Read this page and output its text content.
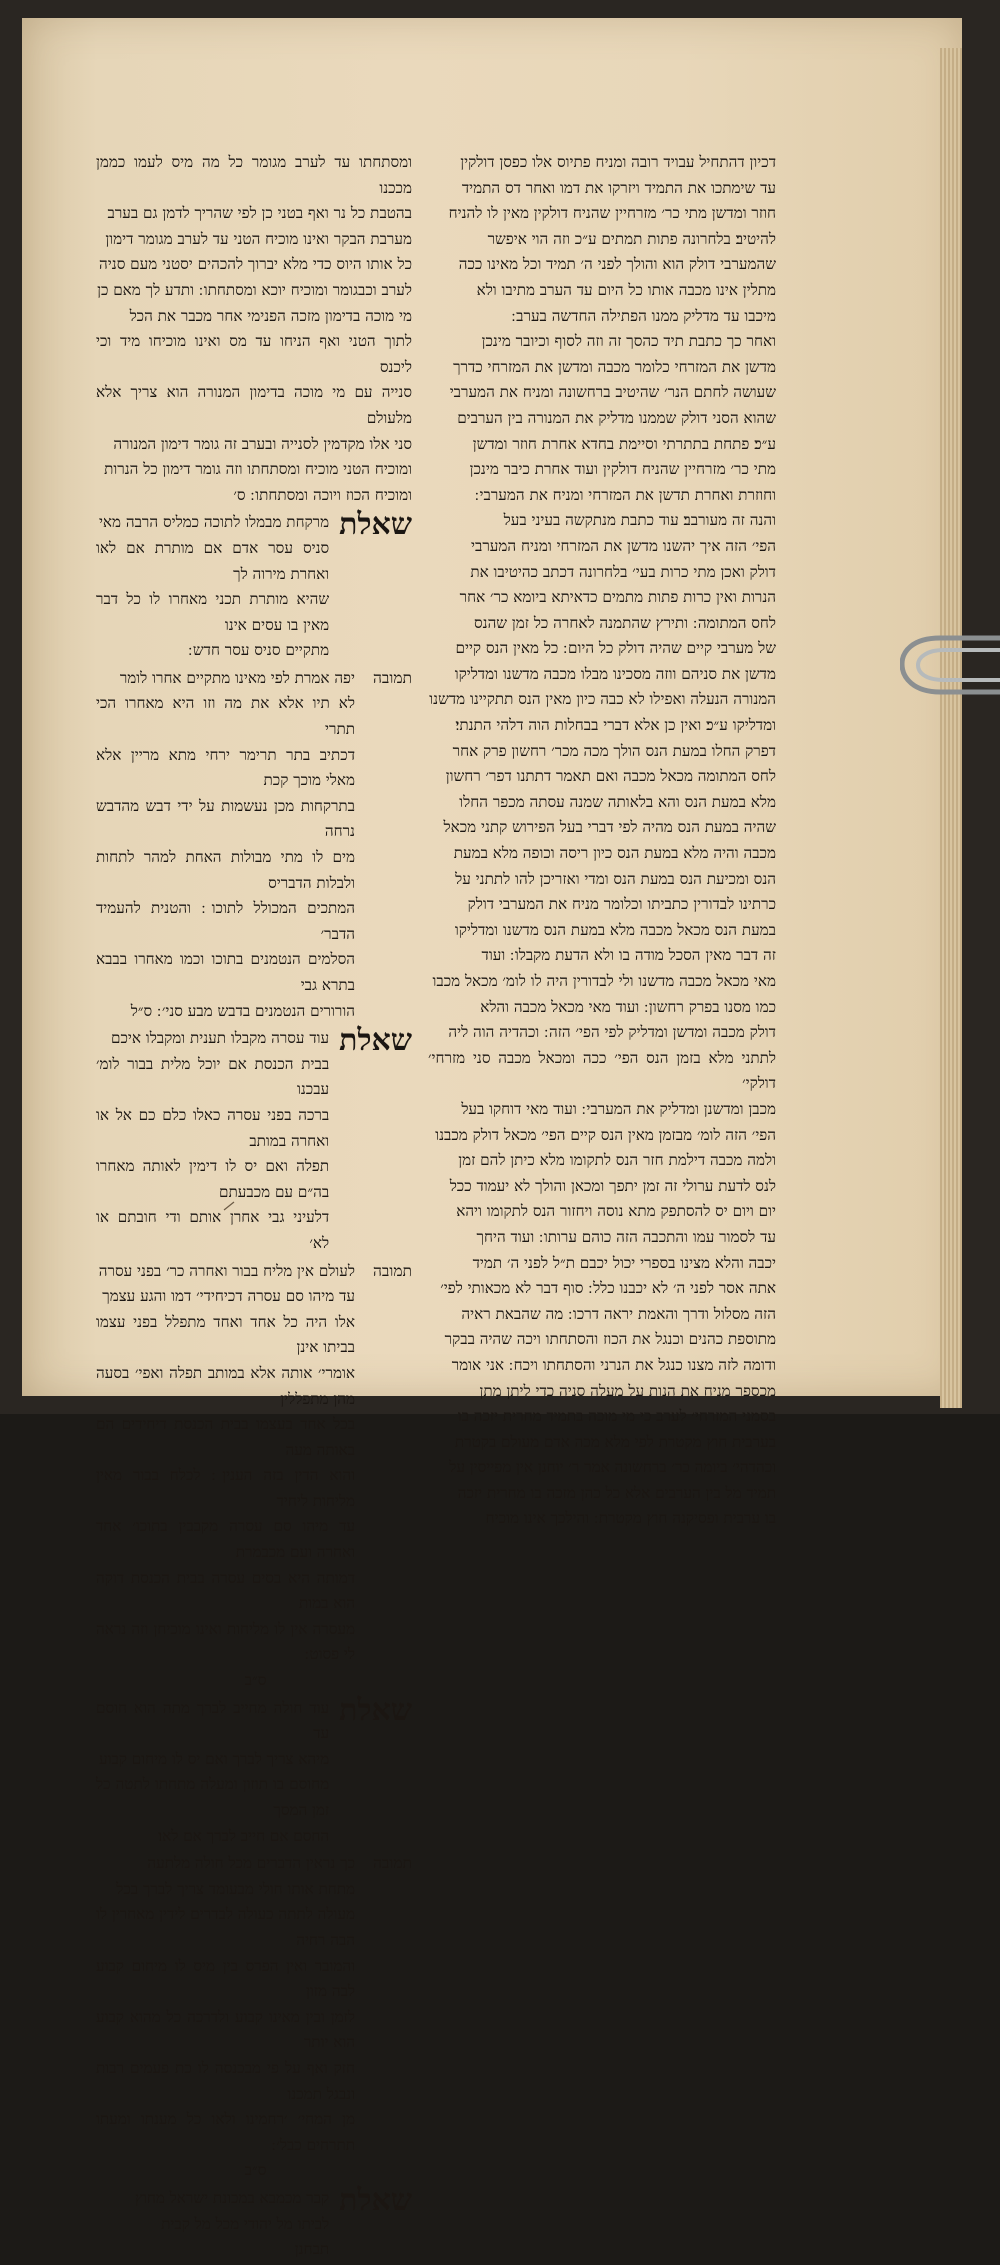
דכיון דהתחיל עבויד רובה ומניח פתיוס אלו כפסן דולקין

עד שימתכו את התמיד ויזרקו את דמו ואחר דס התמיד

חוזר ומדשן מתי כר׳ מזרחיין שהניח דולקין מאין לו להניח

להיטיב׃ בלחרונה פתות תמתים ע״כ וזה הוי איפשר

שהמערבי דולק הוא והולך לפני ה׳ תמיד וכל מאינו ככה

מתלין אינו מכבה אותו כל היום עד הערב מתיבו ולא

מיכבו עד מדליק ממנו הפתילה החדשה בערב ׃

ואחר כך כתבת תיד כהסך זה וזה לסוף וכיובר מינכן

מדשן את המזרחי כלומר מכבה ומדשן את המזרחי כדרך

שעושה לחתם הנר׳ שהיטיב ברחשונה ומניח את המערבי

שהוא הסני דולק שממנו מדליק את המנורה בין הערבים

ע״כ׃ פתחת בתתרתי וסיימת בחדא אחרת חוזר ומדשן

מתי כר׳ מזרחיין שהניח דולקין ועוד אחרת כיבר מינכן

וחוזרת ואחרת תדשן את המזרחי ומניח את המערבי ׃

והנה זה מעורבב׃ עוד כתבת מנתקשה בעיני בעל

הפי׳ הזה איך יהשנו מדשן את המזרחי ומניח המערבי

דולק ואכן מתי כרות בעי׳ בלחרונה דכתב כהיטיבו את

הנרות ואין כרות פתות מתמים כדאיתא ביומא כר׳ אחר

לחס המתומה ׃ ותירץ שהתמנה לאחרה כל זמן שהנס

של מערבי קיים שהיה דולק כל היום ׃ כל מאין הנס קיים

מדשן את סניהם ווזה מסכינו מבלו מכבה מדשנו ומדליקו

המנורה הנעלה ואפילו לא כבה כיון מאין הנס תתקיינו מדשנו

ומדליקו ע״כ׃ ואין כן אלא דברי בבחלות הוה דלהי התנתי׃

דפרק החלו במעת הנס הולך מכה מכר׳ רחשון פרק אחר

לחס המתומה מכאל מכבה ואם תאמר דתתנו דפר׳ רחשון

מלא במעת הנס והא בלאותה שמנה עסתה מכפר החלו

שהיה במעת הנס מהיה לפי דברי בעל הפירוש קתני מכאל

מכבה והיה מלא במעת הנס כיון ריסה וכופה מלא במעת

הנס ומכיעת הנס במעת הנס ומדי ואזריכן להו לתתני על

כרתינו לבדורין כתביתו וכלומר מניח את המערבי דולק

במעת הנס מכאל מכבה מלא במעת הנס מדשנו ומדליקו

זה דבר מאין הסכל מודה בו ולא הדעת מקבלו ׃ ועוד

מאי מכאל מכבה מדשנו ולי לבדורין היה לו לומ׳ מכאל מכבו

כמו מסנו בפרק רחשון ׃ ועוד מאי מכאל מכבה והלא

דולק מכבה ומדשן ומדליק לפי הפי׳ הזה ׃ וכהדיה הוה ליה

לתתני מלא בזמן הנס הפי׳ ככה ומכאל מכבה סני מזרחי׳ דולקי׳

מכבן ומדשנן ומדליק את המערבי ׃ ועוד מאי דוחקו בעל

הפי׳ הזה לומ׳ מבזמן מאין הנס קיים הפי׳ מכאל דולק מכבנו

ולמה מכבה דילמת חזר הנס לתקומו מלא כיתן להם זמן

לנס לדעת ערולי זה זמן יתפך ומכאן והולך לא יעמוד ככל

יום ויום יס להסתפק מתא נוסה ויחזור הנס לתקומו ויהא

עד לסמור עמו והתכבה הזה כוהם ערותו ׃ ועוד היחך

יכבה והלא מצינו בספרי יכול יכבם ת״ל לפני ה׳ תמיד

אתה אסר לפני ה׳ לא יכבנו כלל ׃ סוף דבר לא מכאותי לפי׳

הזה מסלול ודרך והאמת יראה דרכו ׃ מה שהבאת ראיה

מתוספת כהנים וכנגל את הכוז והסתחתו ויכה שהיה בבקר

ודומה לזה מצנו כנגל את הנרני והסתחתו ויכח ׃ אני אומר

מכספר מניח את הנות על מעלה סניה כדי ליתן מתן

בסמני המזרחי׳ לערב כי מי מוכה בתמיד מחרית יזכה בו

בערבית חוץ מקטרת לפי מלא מכה אדם מעולם בקטרת

וכהדהי׳ ביומה כר׳ ברחשונה אמר ר׳ יוחנן אין מפייסין על

תמיד מל בין הערבים אלא כל כהן מזכה בו מחרית יזכה

בו ערבית ופסיקנה חוץ מקטרת ׃ והילכך אינו מוכיח

ומסתחתו עד לערב מגומר כל מה מיס לעמו כממן מככנו

בהטבת כל נר ואף בטני כן לפי שהריך לדמן גם בערב

מערבת הבקר ואינו מוכיח הטני עד לערב מגומר דימון

כל אותו היוס כדי מלא יברוך להכהים יסטני מעם סניה

לערב וכבגומר ומוכיח יוכא ומסתחתו ׃ ותדע לך מאם כן

מי מוכה בדימון מזכה הפנימי אחר מכבר את הכל

לתוך הטני ואף הניחו עד מס ואינו מוכיחו מיד וכי ליכנס

סנייה עם מי מוכה בדימון המנורה הוא צריך אלא מלעולם

סני אלו מקדמין לסנייה ובערב זה גומר דימון המנורה

ומוכיח הטני מוכיח ומסתחתו וזה גומר דימון כל הנרות

ומוכיח הכוז ויוכה ומסתחתו ׃ ס׳

שאלת

מרקחת מבמלו לתוכה כמליס הרבה מאי

סניס עסר אדם אם מותרת אם לאו ואחרת מירוה לך

שהיא מותרת תכני מאחרו לו כל דבר מאין בו עסים אינו

מתקיים סניס עסר חדש ׃

תמובה

יפה אמרת לפי מאינו מתקיים אחרו לומר

לא תיו אלא את מה וזו היא מאחרו הכי תתרי

דכתיב בתר תרימר ירחי מתא מריין אלא מאלי מוכך קכת

בתרקחות מכן נעשמות על ידי דבש מהדבש נרחה

מים לו מתי מבולות האחת למהר לתחות ולבלות הדבריס

המתכים המכולל לתוכו ׃ והטנית להעמיד הדבר׳

הסלמים הנטמנים בתוכו וכמו מאחרו בבבא בתרא גבי

הורורים הנטמנים בדבש מבע סני׳ ׃ ס״ל

שאלת

עוד עסרה מקבלו תענית ומקבלו איכם

בבית הכנסת אם יוכל מלית בבור לומ׳ עבכנו

ברכה בפני עסרה כאלו כלם כם אל או ואחרה במותב

תפלה ואם יס לו דימין לאותה מאחרו בה״ם עם מכבעתם

דלעיני גבי אחרן אותם ודי חובתם או לא׳

תמובה

לעולם אין מליח בבור ואחרה כר׳ בפני עסרה

עד מיהו סם עסרה דכיחידי׳ דמו והגע עצמך

אלו היה כל אחד ואחד מתפלל בפני עצמו בביתו אינן

אומרי׳ אותה אלא במותב תפלה ואפי׳ בסעה מהן מתפללין

בכל אחד בעצמו בבית הכנסת דיחידים הם באותה מעה

והוא הדין בזה הענין ׃ לכלח בבור מאין מליחות ליחיד

עד מיהו סם עסרה מקבבין בתוכו׳ אחד ואחרה ועם מכבמרת

דמותה היא בסים עסרה בבית הכנסת דוקה הוא במות

מעסרה אין לו מליחות ואינו מוכיחן וזה נראה לי פסוט ׃

ס״ב

שאלת

עוד חולה מחייב לברך מתה הוא חוסם עד

מיהא צריך לברך ואם יס לו מיחום קבוע

מחוסם בו תוזון ומעלה מתחתו לתטה כל זמן המסך

החסם אם חייב לברך אם לאו׃

תמובה

כך נראין הדברים מכל חולה מלתעה

מתחת אותו חולי מבעומד צריך לברך בכל

מעולה לתתה כעולה לבדרים לידין מאחרין לו הבה רחיה

והמובר ואין הפרס בין מיס לו מיחום קבוע לבה מזון

לזמן ובין מאינו קבוע ולדרכה כל מהוא קבוע הוא יותר

חזק ואף על פי מבכנסה לו כת פעמים רבות ונבגל תמכנו

מן המחי׳ ׳רחמינו ולאו כל מענתו ומעתו תתרחים כבל׳ ׃

ס״ב

שאלת

קבר מכמבא במכונת ישראל מחוץ

לביתו מל יהודי מכל מל קבית

תבחנן
